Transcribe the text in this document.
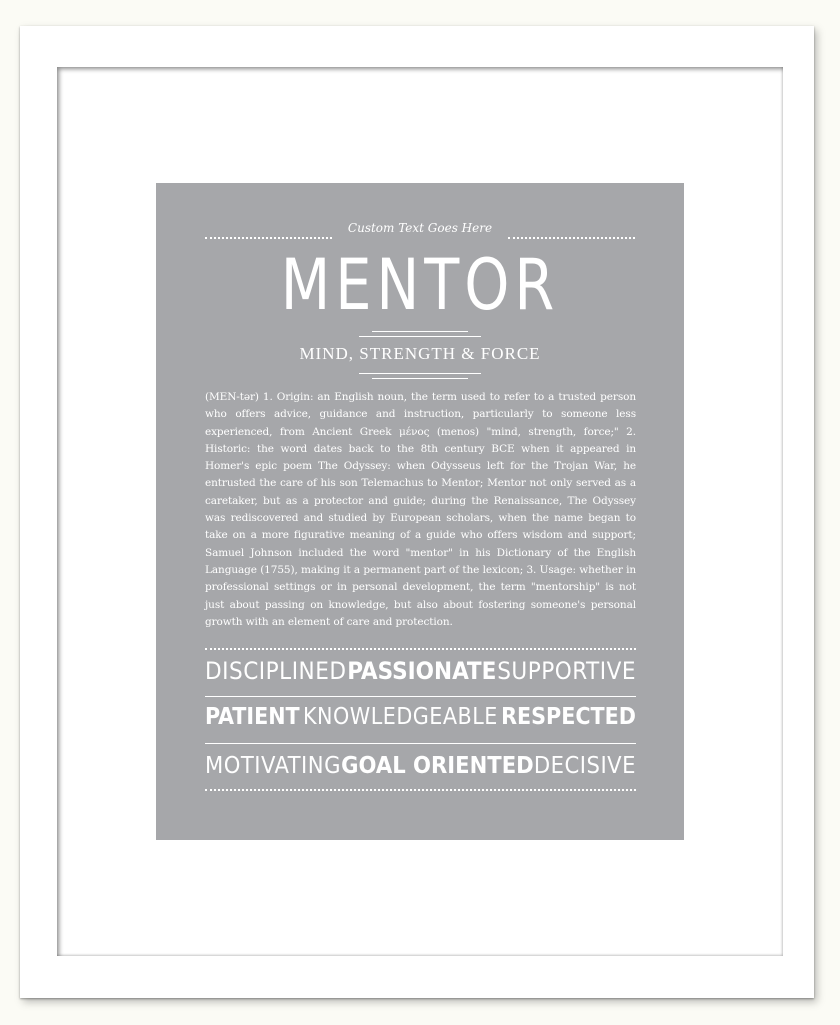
Custom Text Goes Here
MENTOR
MIND, STRENGTH & FORCE
(MEN-tər) 1. Origin: an English noun, the term used to refer to a trusted person who offers advice, guidance and instruction, particularly to someone less experienced, from Ancient Greek μένος (menos) "mind, strength, force;" 2. Historic: the word dates back to the 8th century BCE when it appeared in Homer's epic poem The Odyssey: when Odysseus left for the Trojan War, he entrusted the care of his son Telemachus to Mentor; Mentor not only served as a caretaker, but as a protector and guide; during the Renaissance, The Odyssey was rediscovered and studied by European scholars, when the name began to take on a more figurative meaning of a guide who offers wisdom and support; Samuel Johnson included the word "mentor" in his Dictionary of the English Language (1755), making it a permanent part of the lexicon; 3. Usage: whether in professional settings or in personal development, the term "mentorship" is not just about passing on knowledge, but also about fostering someone's personal growth with an element of care and protection.
DISCIPLINED PASSIONATE SUPPORTIVE
PATIENT KNOWLEDGEABLE RESPECTED
MOTIVATING GOAL ORIENTED DECISIVE
